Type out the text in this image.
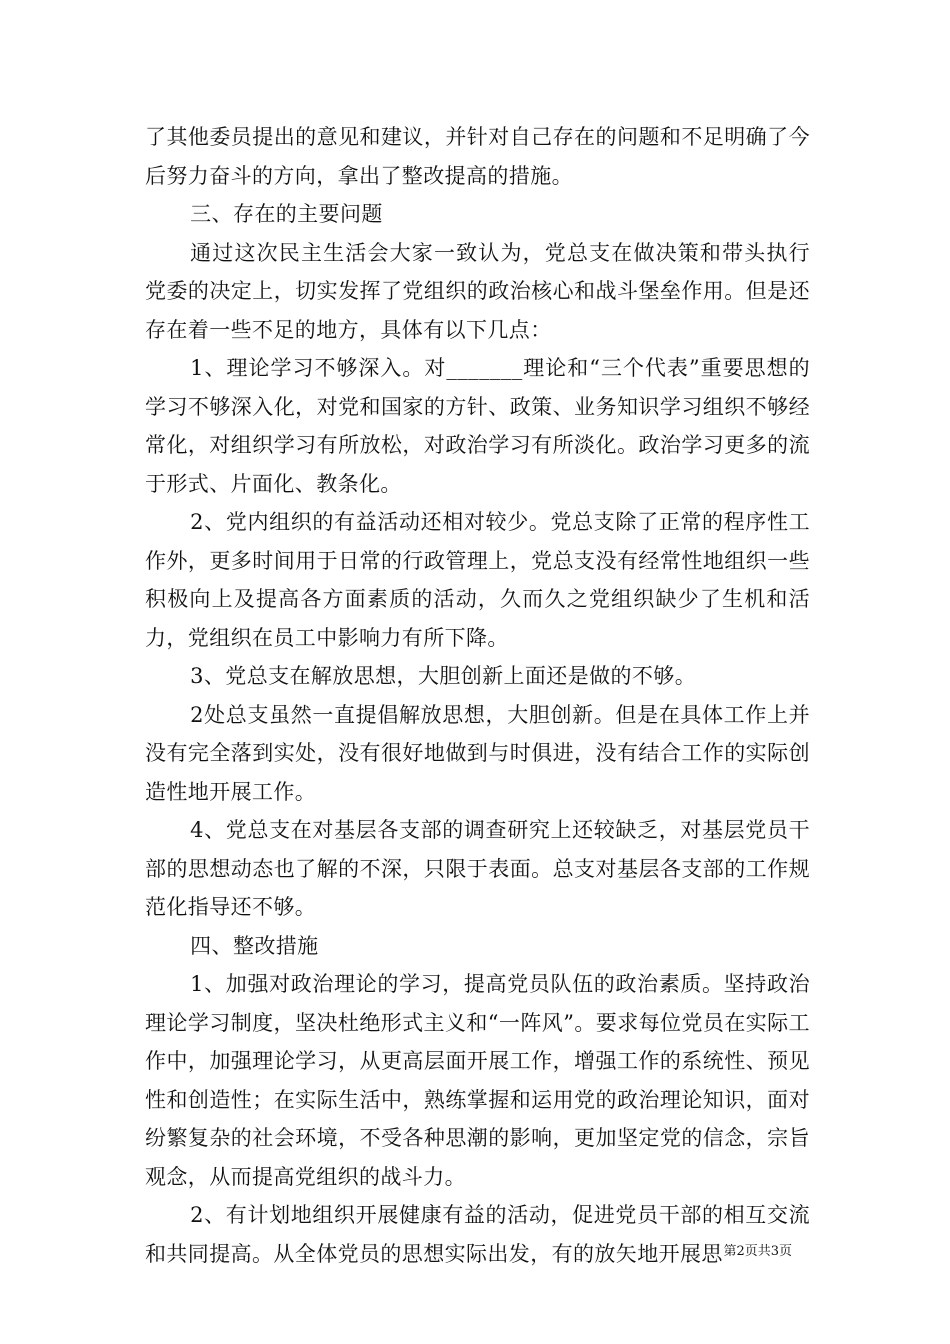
了其他委员提出的意见和建议，并针对自己存在的问题和不足明确了今后努力奋斗的方向，拿出了整改提高的措施。

三、存在的主要问题

通过这次民主生活会大家一致认为，党总支在做决策和带头执行党委的决定上，切实发挥了党组织的政治核心和战斗堡垒作用。但是还存在着一些不足的地方，具体有以下几点：

1、理论学习不够深入。对_______理论和“三个代表”重要思想的学习不够深入化，对党和国家的方针、政策、业务知识学习组织不够经常化，对组织学习有所放松，对政治学习有所淡化。政治学习更多的流于形式、片面化、教条化。

2、党内组织的有益活动还相对较少。党总支除了正常的程序性工作外，更多时间用于日常的行政管理上，党总支没有经常性地组织一些积极向上及提高各方面素质的活动，久而久之党组织缺少了生机和活力，党组织在员工中影响力有所下降。

3、党总支在解放思想，大胆创新上面还是做的不够。

2处总支虽然一直提倡解放思想，大胆创新。但是在具体工作上并没有完全落到实处，没有很好地做到与时俱进，没有结合工作的实际创造性地开展工作。

4、党总支在对基层各支部的调查研究上还较缺乏，对基层党员干部的思想动态也了解的不深，只限于表面。总支对基层各支部的工作规范化指导还不够。

四、整改措施

1、加强对政治理论的学习，提高党员队伍的政治素质。坚持政治理论学习制度，坚决杜绝形式主义和“一阵风”。要求每位党员在实际工作中，加强理论学习，从更高层面开展工作，增强工作的系统性、预见性和创造性；在实际生活中，熟练掌握和运用党的政治理论知识，面对纷繁复杂的社会环境，不受各种思潮的影响，更加坚定党的信念，宗旨观念，从而提高党组织的战斗力。

2、有计划地组织开展健康有益的活动，促进党员干部的相互交流和共同提高。从全体党员的思想实际出发，有的放矢地开展思 第2页共3页
